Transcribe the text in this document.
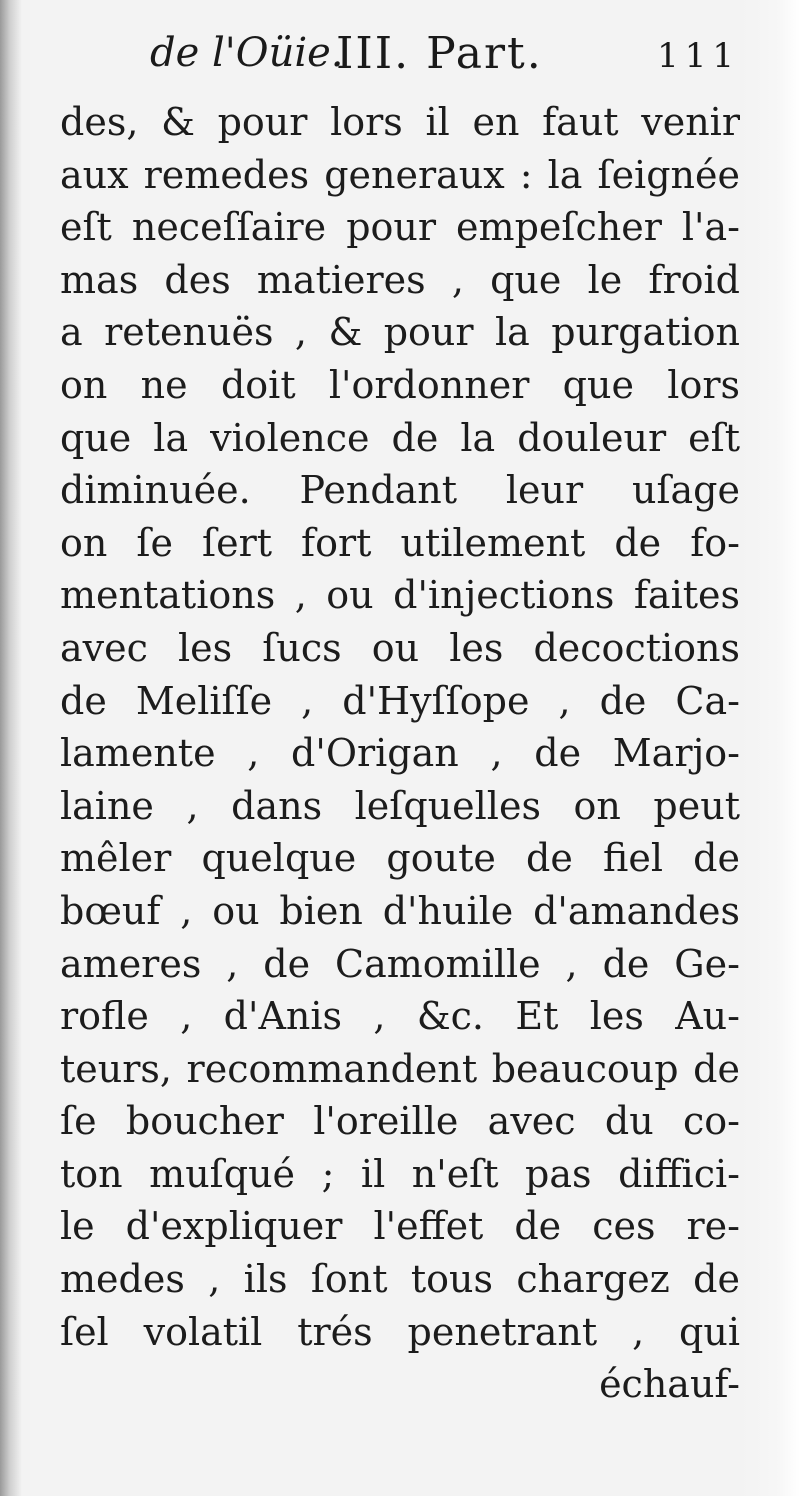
de l'Oüie.
III. Part.	111
des, & pour lors il en faut venir
aux remedes generaux : la ſeignée
eſt neceſſaire pour empeſcher l'a-
mas des matieres , que le froid
a retenuës , & pour la purgation
on ne doit l'ordonner que lors
que la violence de la douleur eſt
diminuée. Pendant leur uſage
on ſe ſert fort utilement de fo-
mentations , ou d'injections faites
avec les ſucs ou les decoctions
de Meliſſe , d'Hyſſope , de Ca-
lamente , d'Origan , de Marjo-
laine , dans leſquelles on peut
mêler quelque goute de fiel de
bœuf , ou bien d'huile d'amandes
ameres , de Camomille , de Ge-
rofle , d'Anis , &c. Et les Au-
teurs, recommandent beaucoup de
ſe boucher l'oreille avec du co-
ton muſqué ; il n'eſt pas diffici-
le d'expliquer l'effet de ces re-
medes , ils ſont tous chargez de
ſel volatil trés penetrant , qui
échauf-
